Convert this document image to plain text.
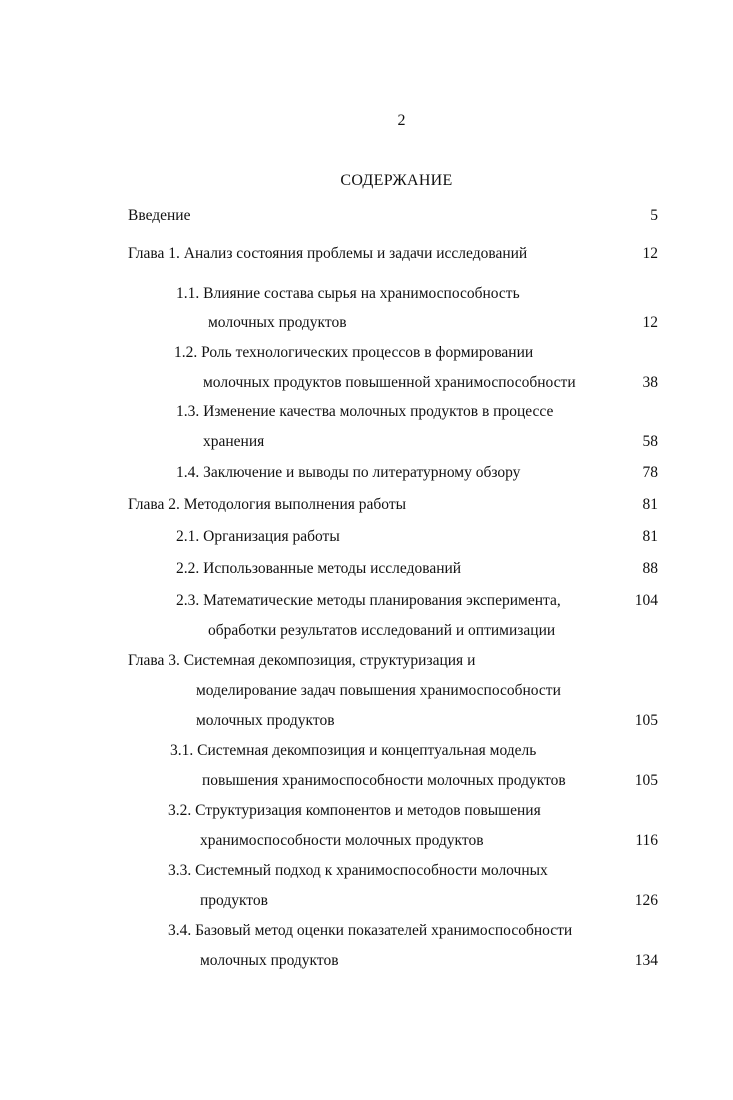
2
СОДЕРЖАНИЕ
Введение	5
Глава 1. Анализ состояния проблемы и задачи исследований	12
1.1. Влияние состава сырья на хранимоспособность
молочных продуктов	12
1.2. Роль технологических процессов в формировании
молочных продуктов повышенной хранимоспособности	38
1.3. Изменение качества молочных продуктов в процессе
хранения	58
1.4. Заключение и выводы по литературному обзору	78
Глава 2. Методология выполнения работы	81
2.1. Организация работы	81
2.2. Использованные методы исследований	88
2.3. Математические методы планирования эксперимента,	104
обработки результатов исследований и оптимизации
Глава 3. Системная декомпозиция, структуризация и
моделирование задач повышения хранимоспособности
молочных продуктов	105
3.1. Системная декомпозиция и концептуальная модель
повышения хранимоспособности молочных продуктов	105
3.2. Структуризация компонентов и методов повышения
хранимоспособности молочных продуктов	116
3.3. Системный подход к хранимоспособности молочных
продуктов	126
3.4. Базовый метод оценки показателей хранимоспособности
молочных продуктов	134
